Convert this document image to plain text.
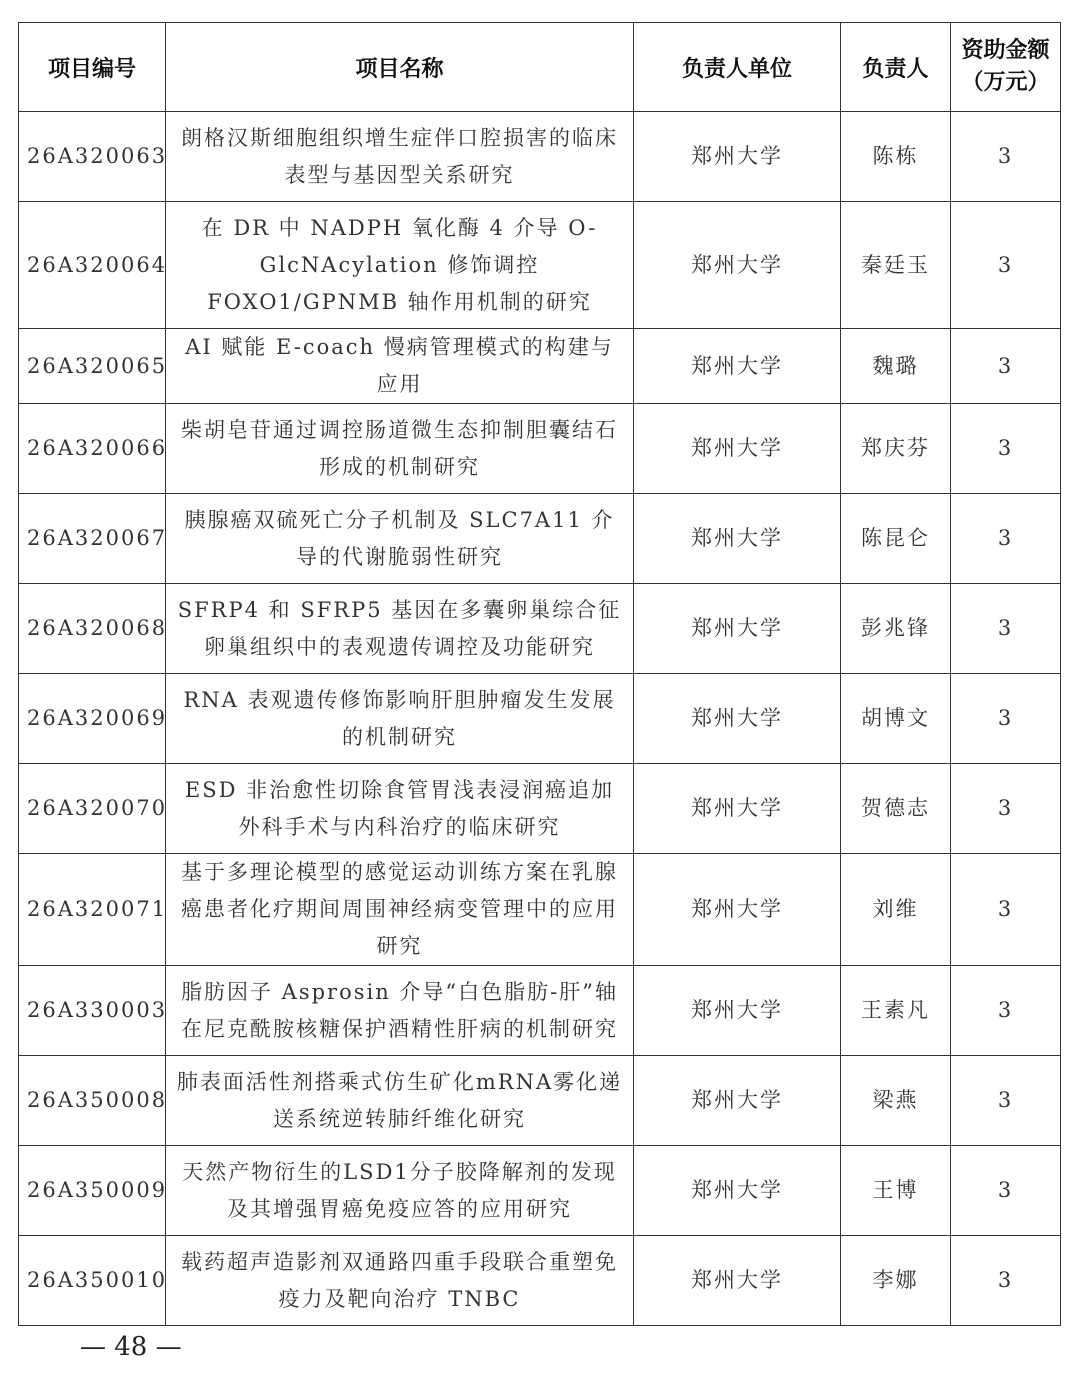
项目编号	项目名称	负责人单位	负责人	资助金额
（万元）
26A320063	朗格汉斯细胞组织增生症伴口腔损害的临床表型与基因型关系研究	郑州大学	陈栋	3
26A320064	在 DR 中 NADPH 氧化酶 4 介导 O-GlcNAcylation 修饰调控 FOXO1/GPNMB 轴作用机制的研究	郑州大学	秦廷玉	3
26A320065	AI 赋能 E-coach 慢病管理模式的构建与应用	郑州大学	魏璐	3
26A320066	柴胡皂苷通过调控肠道微生态抑制胆囊结石形成的机制研究	郑州大学	郑庆芬	3
26A320067	胰腺癌双硫死亡分子机制及 SLC7A11 介导的代谢脆弱性研究	郑州大学	陈昆仑	3
26A320068	SFRP4 和 SFRP5 基因在多囊卵巢综合征卵巢组织中的表观遗传调控及功能研究	郑州大学	彭兆锋	3
26A320069	RNA 表观遗传修饰影响肝胆肿瘤发生发展的机制研究	郑州大学	胡博文	3
26A320070	ESD 非治愈性切除食管胃浅表浸润癌追加外科手术与内科治疗的临床研究	郑州大学	贺德志	3
26A320071	基于多理论模型的感觉运动训练方案在乳腺癌患者化疗期间周围神经病变管理中的应用研究	郑州大学	刘维	3
26A330003	脂肪因子 Asprosin 介导“白色脂肪-肝”轴在尼克酰胺核糖保护酒精性肝病的机制研究	郑州大学	王素凡	3
26A350008	肺表面活性剂搭乘式仿生矿化mRNA雾化递送系统逆转肺纤维化研究	郑州大学	梁燕	3
26A350009	天然产物衍生的LSD1分子胶降解剂的发现及其增强胃癌免疫应答的应用研究	郑州大学	王博	3
26A350010	载药超声造影剂双通路四重手段联合重塑免疫力及靶向治疗 TNBC	郑州大学	李娜	3
— 48 —
